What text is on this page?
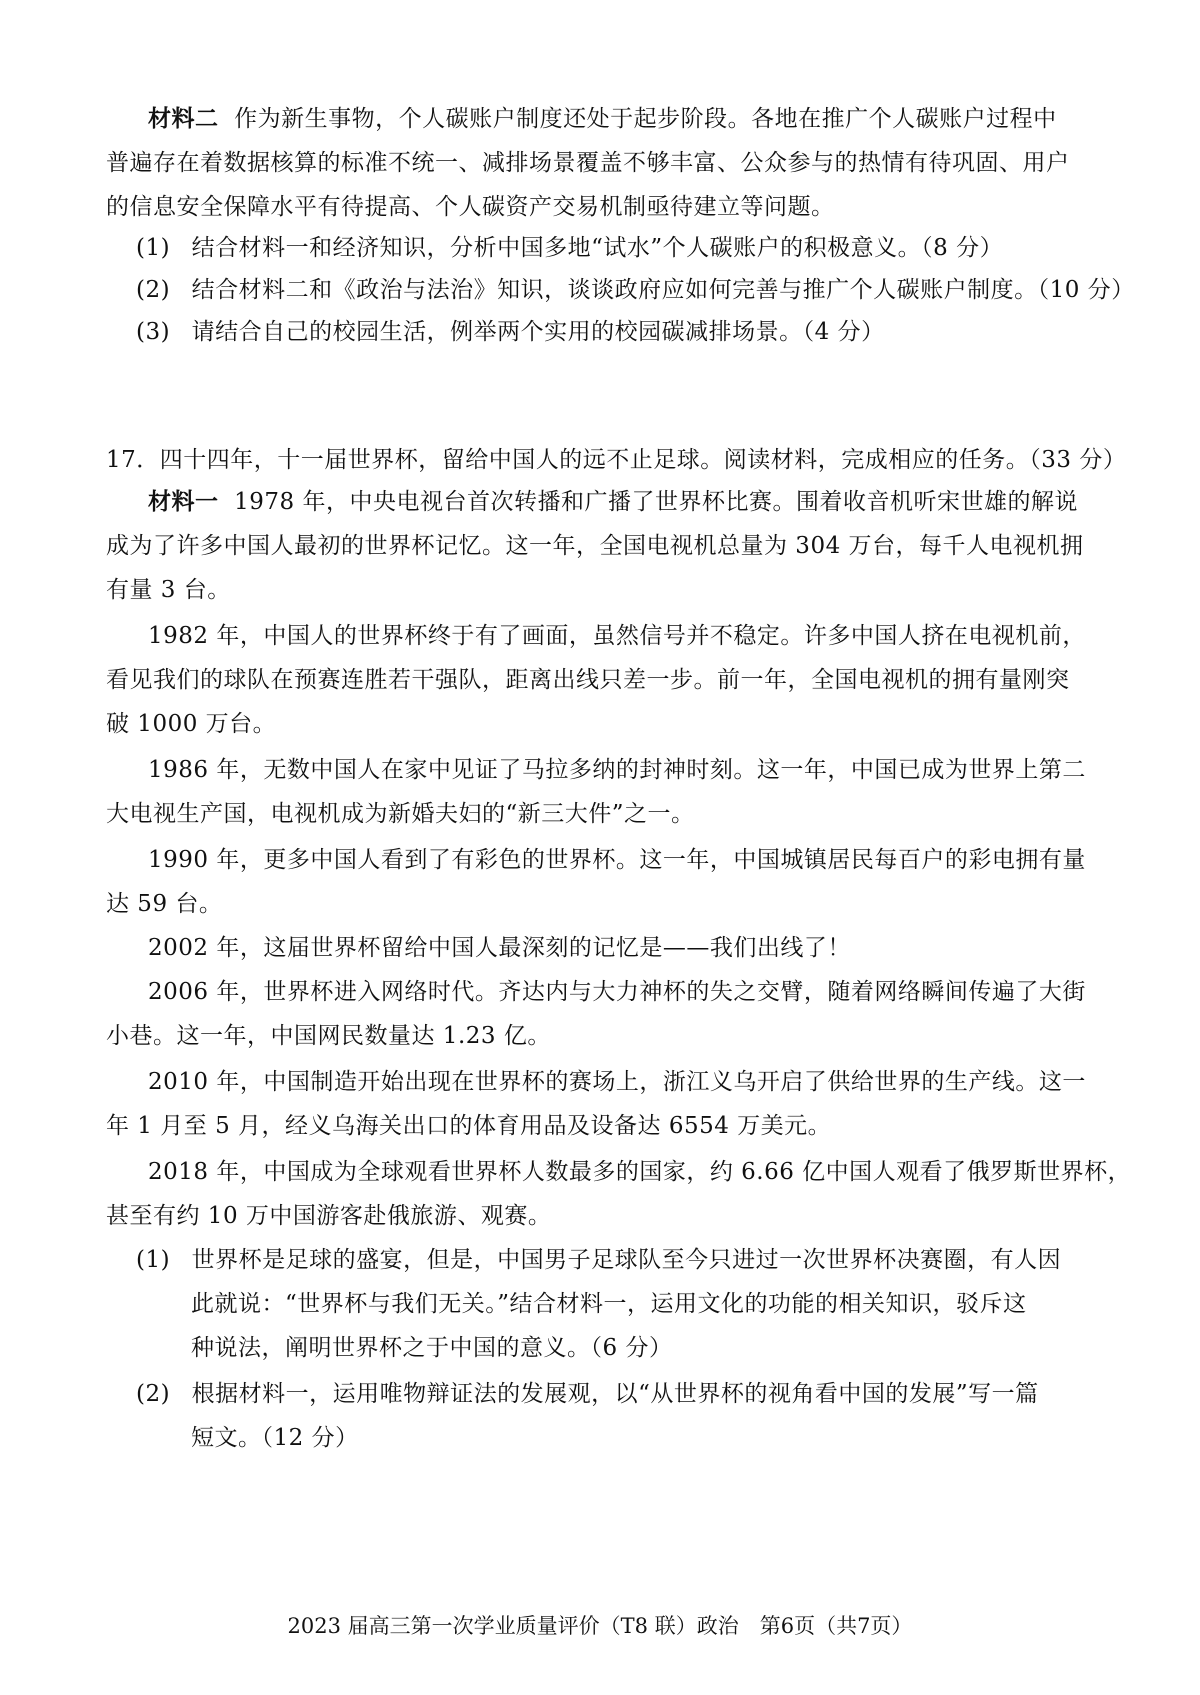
材料二 作为新生事物，个人碳账户制度还处于起步阶段。各地在推广个人碳账户过程中
普遍存在着数据核算的标准不统一、减排场景覆盖不够丰富、公众参与的热情有待巩固、用户
的信息安全保障水平有待提高、个人碳资产交易机制亟待建立等问题。
(1) 结合材料一和经济知识，分析中国多地“试水”个人碳账户的积极意义。（8 分）
(2) 结合材料二和《政治与法治》知识，谈谈政府应如何完善与推广个人碳账户制度。（10 分）
(3) 请结合自己的校园生活，例举两个实用的校园碳减排场景。（4 分）
17．四十四年，十一届世界杯，留给中国人的远不止足球。阅读材料，完成相应的任务。（33 分）
材料一 1978 年，中央电视台首次转播和广播了世界杯比赛。围着收音机听宋世雄的解说
成为了许多中国人最初的世界杯记忆。这一年，全国电视机总量为 304 万台，每千人电视机拥
有量 3 台。
1982 年，中国人的世界杯终于有了画面，虽然信号并不稳定。许多中国人挤在电视机前，
看见我们的球队在预赛连胜若干强队，距离出线只差一步。前一年，全国电视机的拥有量刚突
破 1000 万台。
1986 年，无数中国人在家中见证了马拉多纳的封神时刻。这一年，中国已成为世界上第二
大电视生产国，电视机成为新婚夫妇的“新三大件”之一。
1990 年，更多中国人看到了有彩色的世界杯。这一年，中国城镇居民每百户的彩电拥有量
达 59 台。
2002 年，这届世界杯留给中国人最深刻的记忆是——我们出线了！
2006 年，世界杯进入网络时代。齐达内与大力神杯的失之交臂，随着网络瞬间传遍了大街
小巷。这一年，中国网民数量达 1.23 亿。
2010 年，中国制造开始出现在世界杯的赛场上，浙江义乌开启了供给世界的生产线。这一
年 1 月至 5 月，经义乌海关出口的体育用品及设备达 6554 万美元。
2018 年，中国成为全球观看世界杯人数最多的国家，约 6.66 亿中国人观看了俄罗斯世界杯，
甚至有约 10 万中国游客赴俄旅游、观赛。
(1) 世界杯是足球的盛宴，但是，中国男子足球队至今只进过一次世界杯决赛圈，有人因
此就说：“世界杯与我们无关。”结合材料一，运用文化的功能的相关知识，驳斥这
种说法，阐明世界杯之于中国的意义。（6 分）
(2) 根据材料一，运用唯物辩证法的发展观，以“从世界杯的视角看中国的发展”写一篇
短文。（12 分）
2023 届高三第一次学业质量评价（T8 联）政治　第6页（共7页）
